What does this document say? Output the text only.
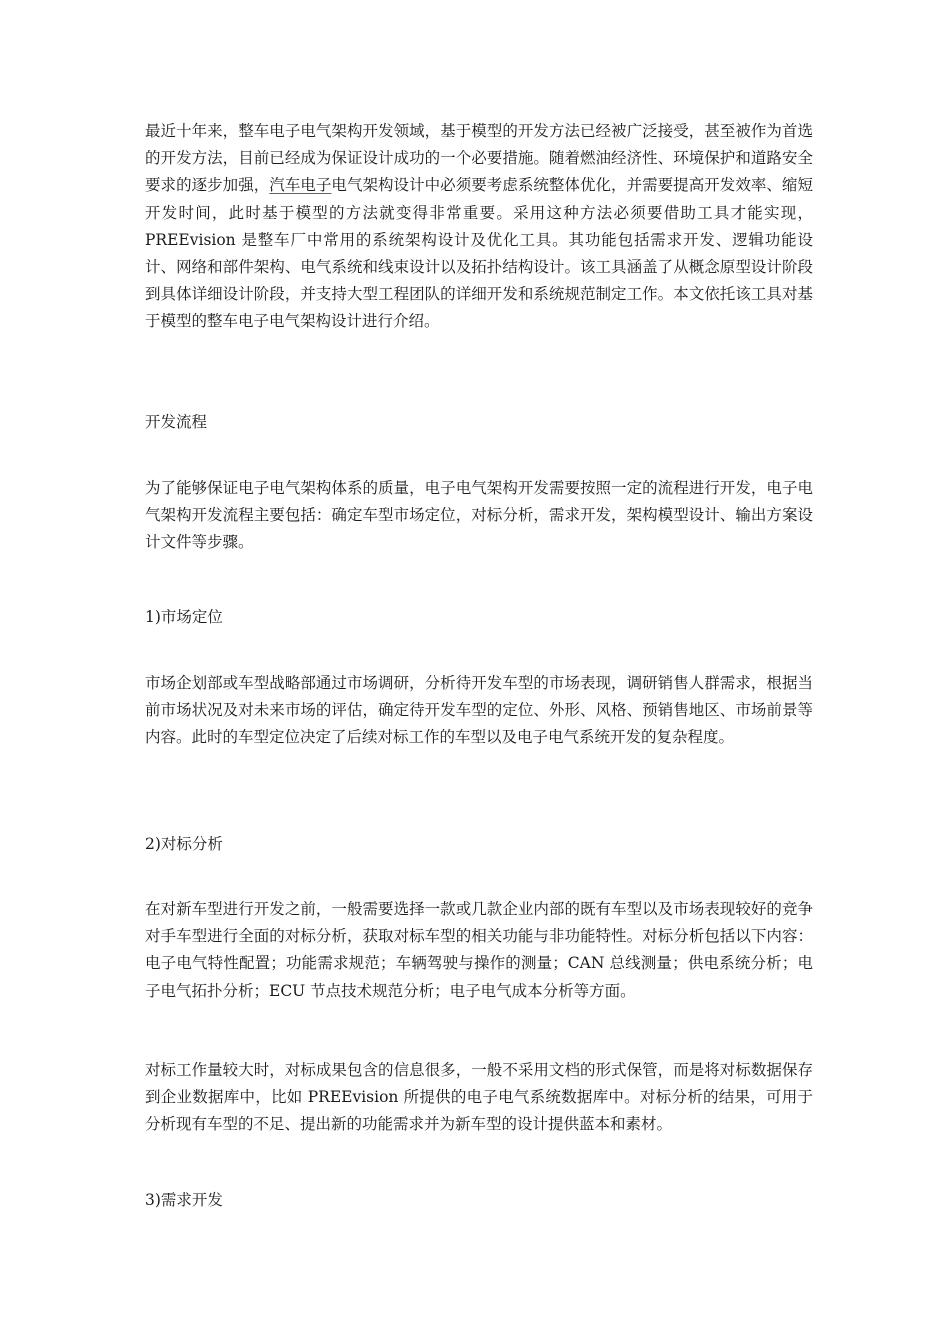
最近十年来，整车电子电气架构开发领域，基于模型的开发方法已经被广泛接受，甚至被作为首选的开发方法，目前已经成为保证设计成功的一个必要措施。随着燃油经济性、环境保护和道路安全要求的逐步加强，汽车电子电气架构设计中必须要考虑系统整体优化，并需要提高开发效率、缩短开发时间，此时基于模型的方法就变得非常重要。采用这种方法必须要借助工具才能实现，PREEvision 是整车厂中常用的系统架构设计及优化工具。其功能包括需求开发、逻辑功能设计、网络和部件架构、电气系统和线束设计以及拓扑结构设计。该工具涵盖了从概念原型设计阶段到具体详细设计阶段，并支持大型工程团队的详细开发和系统规范制定工作。本文依托该工具对基于模型的整车电子电气架构设计进行介绍。

开发流程

为了能够保证电子电气架构体系的质量，电子电气架构开发需要按照一定的流程进行开发，电子电气架构开发流程主要包括：确定车型市场定位，对标分析，需求开发，架构模型设计、输出方案设计文件等步骤。

1)市场定位

市场企划部或车型战略部通过市场调研，分析待开发车型的市场表现，调研销售人群需求，根据当前市场状况及对未来市场的评估，确定待开发车型的定位、外形、风格、预销售地区、市场前景等内容。此时的车型定位决定了后续对标工作的车型以及电子电气系统开发的复杂程度。

2)对标分析

在对新车型进行开发之前，一般需要选择一款或几款企业内部的既有车型以及市场表现较好的竞争对手车型进行全面的对标分析，获取对标车型的相关功能与非功能特性。对标分析包括以下内容：电子电气特性配置；功能需求规范；车辆驾驶与操作的测量；CAN 总线测量；供电系统分析；电子电气拓扑分析；ECU 节点技术规范分析；电子电气成本分析等方面。

对标工作量较大时，对标成果包含的信息很多，一般不采用文档的形式保管，而是将对标数据保存到企业数据库中，比如 PREEvision 所提供的电子电气系统数据库中。对标分析的结果，可用于分析现有车型的不足、提出新的功能需求并为新车型的设计提供蓝本和素材。

3)需求开发
